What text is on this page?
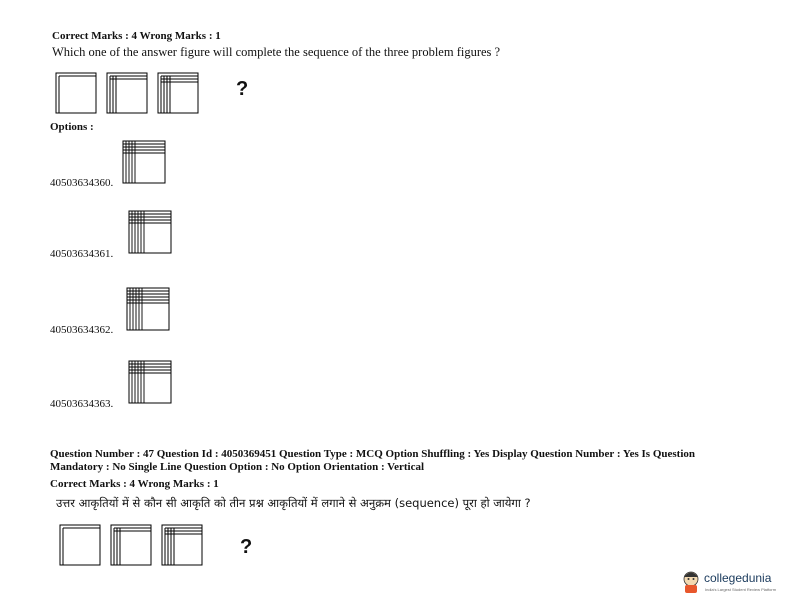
Correct Marks : 4 Wrong Marks : 1
Which one of the answer figure will complete the sequence of the three problem figures ?
?
Options :
40503634360.
40503634361.
40503634362.
40503634363.
Question Number : 47 Question Id : 4050369451 Question Type : MCQ Option Shuffling : Yes Display Question Number : Yes Is Question Mandatory : No Single Line Question Option : No Option Orientation : Vertical
Correct Marks : 4 Wrong Marks : 1
उत्तर आकृतियों में से कौन सी आकृति को तीन प्रश्न आकृतियों में लगाने से अनुक्रम (sequence) पूरा हो जायेगा ?
?
collegedunia
India's Largest Student Review Platform
